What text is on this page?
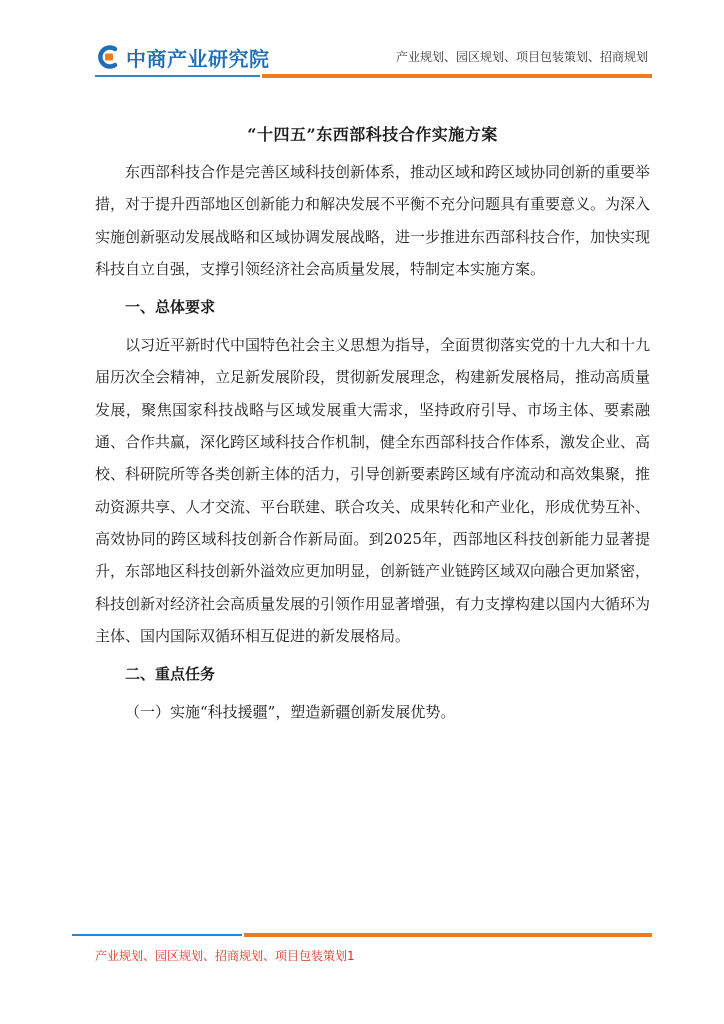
中商产业研究院	产业规划、园区规划、项目包装策划、招商规划
“十四五”东西部科技合作实施方案

东西部科技合作是完善区域科技创新体系，推动区域和跨区域协同创新的重要举措，对于提升西部地区创新能力和解决发展不平衡不充分问题具有重要意义。为深入实施创新驱动发展战略和区域协调发展战略，进一步推进东西部科技合作，加快实现科技自立自强，支撑引领经济社会高质量发展，特制定本实施方案。

一、总体要求

以习近平新时代中国特色社会主义思想为指导，全面贯彻落实党的十九大和十九届历次全会精神，立足新发展阶段，贯彻新发展理念，构建新发展格局，推动高质量发展，聚焦国家科技战略与区域发展重大需求，坚持政府引导、市场主体、要素融通、合作共赢，深化跨区域科技合作机制，健全东西部科技合作体系，激发企业、高校、科研院所等各类创新主体的活力，引导创新要素跨区域有序流动和高效集聚，推动资源共享、人才交流、平台联建、联合攻关、成果转化和产业化，形成优势互补、高效协同的跨区域科技创新合作新局面。到2025年，西部地区科技创新能力显著提升，东部地区科技创新外溢效应更加明显，创新链产业链跨区域双向融合更加紧密，科技创新对经济社会高质量发展的引领作用显著增强，有力支撑构建以国内大循环为主体、国内国际双循环相互促进的新发展格局。

二、重点任务
（一）实施“科技援疆”，塑造新疆创新发展优势。
产业规划、园区规划、招商规划、项目包装策划1
